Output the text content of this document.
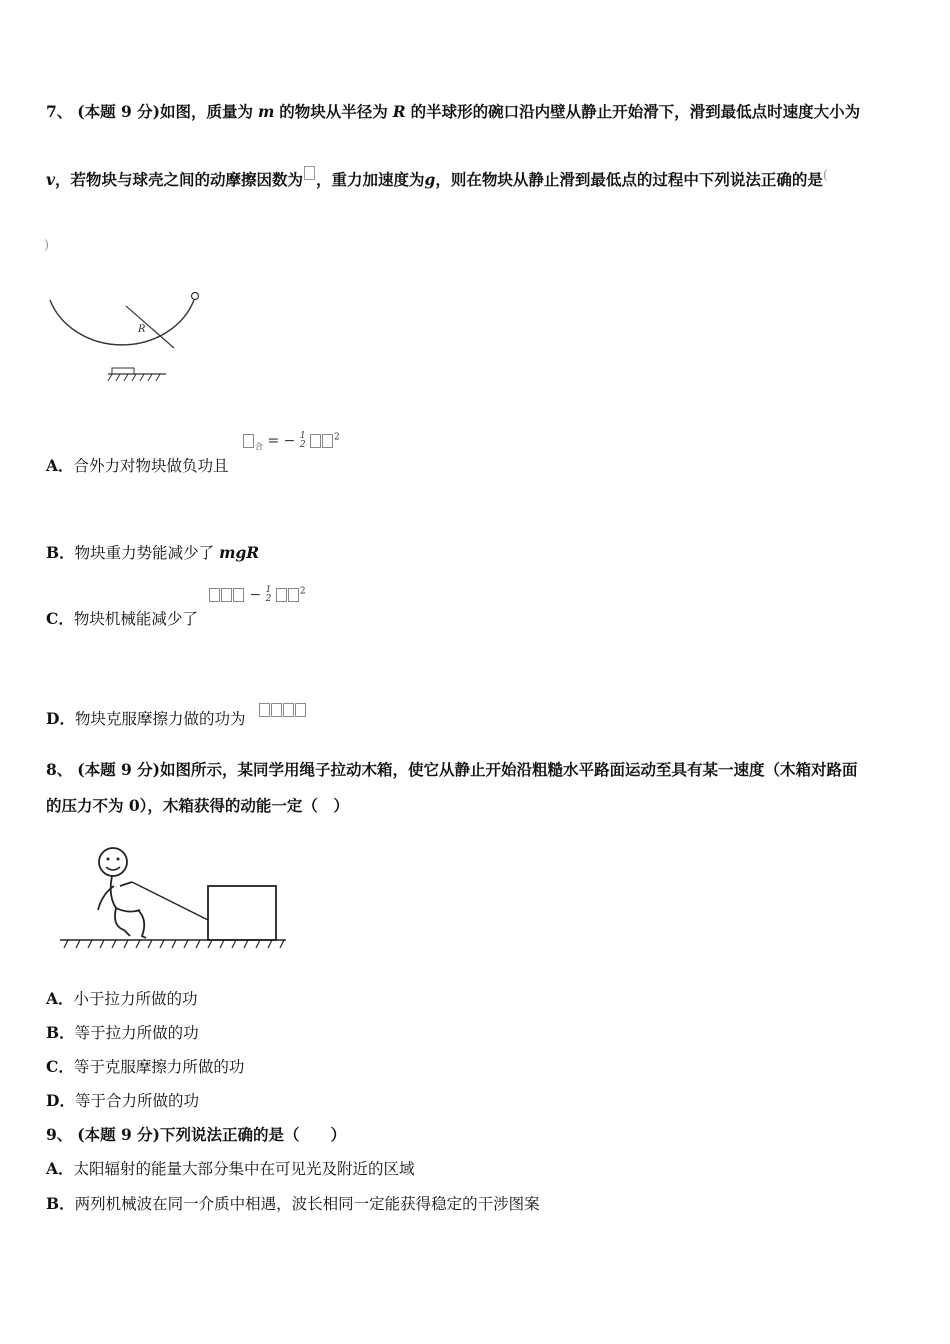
7、 (本题 9 分)如图，质量为 m 的物块从半径为 R 的半球形的碗口沿内壁从静止开始滑下，滑到最低点时速度大小为
v，若物块与球壳之间的动摩擦因数为 ，重力加速度为g，则在物块从静止滑到最低点的过程中下列说法正确的是(
)
R
A．合外力对物块做负功且
$_合$ = − 1
2 $^2$
B．物块重力势能减少了 mgR
C．物块机械能减少了
− 1
2 $^2$
D．物块克服摩擦力做的功为
8、 (本题 9 分)如图所示，某同学用绳子拉动木箱，使它从静止开始沿粗糙水平路面运动至具有某一速度（木箱对路面
的压力不为 0），木箱获得的动能一定（　）
A．小于拉力所做的功
B．等于拉力所做的功
C．等于克服摩擦力所做的功
D．等于合力所做的功
9、 (本题 9 分)下列说法正确的是（　　）
A．太阳辐射的能量大部分集中在可见光及附近的区域
B．两列机械波在同一介质中相遇，波长相同一定能获得稳定的干涉图案
